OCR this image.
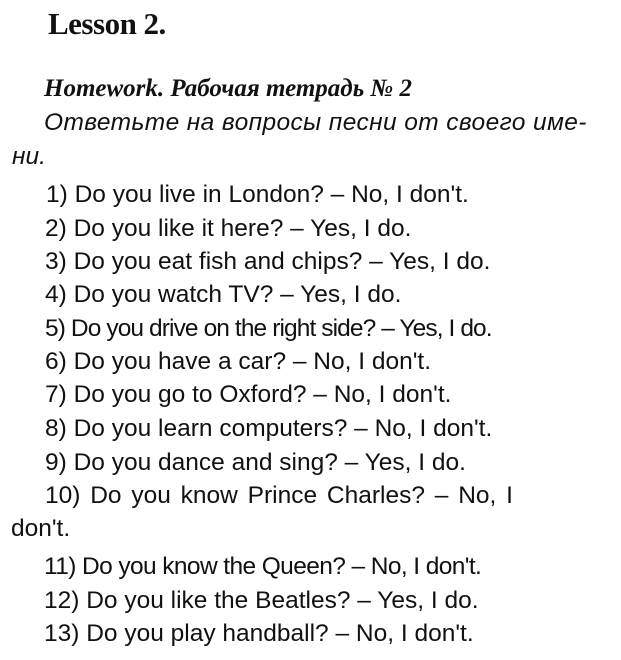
Lesson 2.
Homework. Рабочая тетрадь № 2
Ответьте на вопросы песни от своего име-
ни.
1) Do you live in London? – No, I don't.
2) Do you like it here? – Yes, I do.
3) Do you eat fish and chips? – Yes, I do.
4) Do you watch TV? – Yes, I do.
5) Do you drive on the right side? – Yes, I do.
6) Do you have a car? – No, I don't.
7) Do you go to Oxford? – No, I don't.
8) Do you learn computers? – No, I don't.
9) Do you dance and sing? – Yes, I do.
10) Do you know Prince Charles? – No, I
don't.
11) Do you know the Queen? – No, I don't.
12) Do you like the Beatles? – Yes, I do.
13) Do you play handball? – No, I don't.
